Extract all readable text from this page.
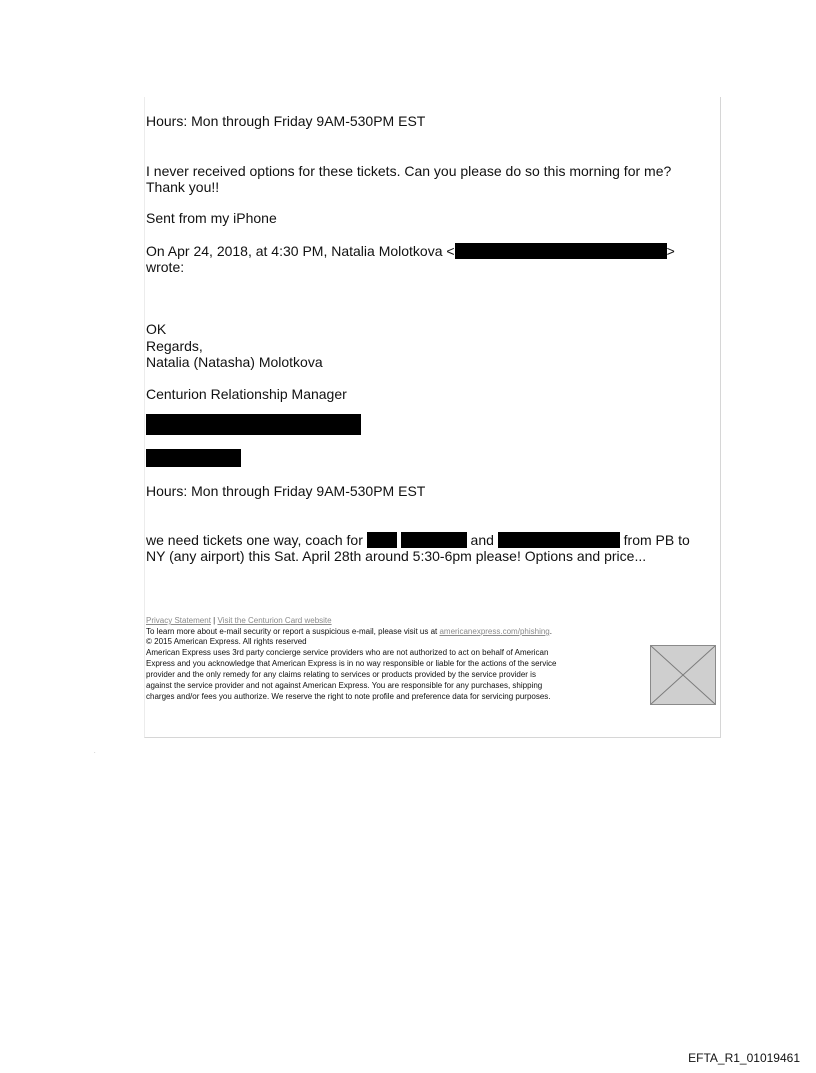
Hours: Mon through Friday 9AM-530PM EST
I never received options for these tickets. Can you please do so this morning for me?
Thank you!!
Sent from my iPhone
On Apr 24, 2018, at 4:30 PM, Natalia Molotkova <	>
wrote:
OK
Regards,
Natalia (Natasha) Molotkova
Centurion Relationship Manager
Hours: Mon through Friday 9AM-530PM EST
we need tickets one way, coach for	and	from PB to
NY (any airport) this Sat. April 28th around 5:30-6pm please! Options and price...
Privacy Statement | Visit the Centurion Card website
To learn more about e-mail security or report a suspicious e-mail, please visit us at americanexpress.com/phishing.
© 2015 American Express. All rights reserved
American Express uses 3rd party concierge service providers who are not authorized to act on behalf of American
Express and you acknowledge that American Express is in no way responsible or liable for the actions of the service
provider and the only remedy for any claims relating to services or products provided by the service provider is
against the service provider and not against American Express. You are responsible for any purchases, shipping
charges and/or fees you authorize. We reserve the right to note profile and preference data for servicing purposes.
·
EFTA_R1_01019461
